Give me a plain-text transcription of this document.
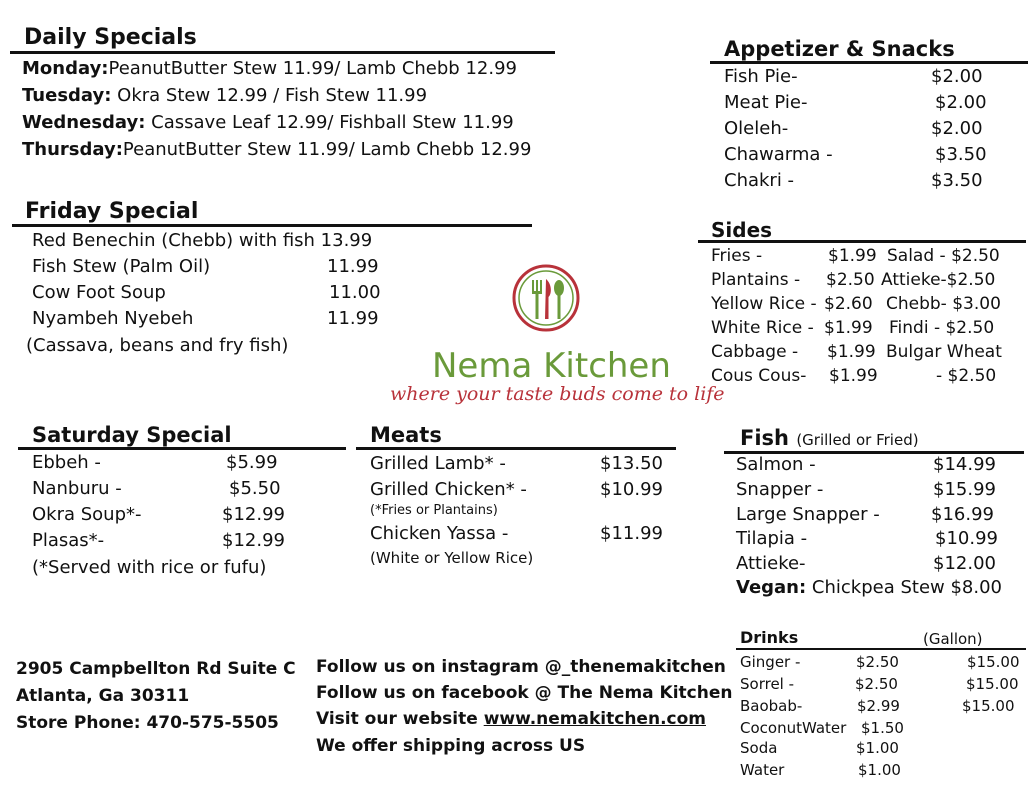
Daily Specials
Monday:PeanutButter Stew 11.99/ Lamb Chebb 12.99
Tuesday: Okra Stew 12.99 / Fish Stew 11.99
Wednesday: Cassave Leaf 12.99/ Fishball Stew 11.99
Thursday:PeanutButter Stew 11.99/ Lamb Chebb 12.99
Friday Special
Red Benechin (Chebb) with fish 13.99
Fish Stew (Palm Oil)	11.99
Cow Foot Soup	11.00
Nyambeh Nyebeh	11.99
(Cassava, beans and fry fish)
Nema Kitchen
where your taste buds come to life
Saturday Special
Ebbeh -	$5.99
Nanburu -	$5.50
Okra Soup*-	$12.99
Plasas*-	$12.99
(*Served with rice or fufu)
Meats
Grilled Lamb* -	$13.50
Grilled Chicken* -	$10.99
(*Fries or Plantains)
Chicken Yassa -	$11.99
(White or Yellow Rice)
Appetizer & Snacks
Fish Pie-	$2.00
Meat Pie-	$2.00
Oleleh-	$2.00
Chawarma -	$3.50
Chakri -	$3.50
Sides
Fries -	$1.99 Salad - $2.50
Plantains - $2.50 Attieke-$2.50
Yellow Rice - $2.60 Chebb- $3.00
White Rice - $1.99 Findi - $2.50
Cabbage - $1.99 Bulgar Wheat
Cous Cous- $1.99	- $2.50
Fish (Grilled or Fried)
Salmon -	$14.99
Snapper -	$15.99
Large Snapper -	$16.99
Tilapia -	$10.99
Attieke-	$12.00
Vegan: Chickpea Stew $8.00
Drinks	(Gallon)
Ginger -	$2.50	$15.00
Sorrel -	$2.50	$15.00
Baobab-	$2.99	$15.00
CoconutWater $1.50
Soda	$1.00
Water	$1.00
2905 Campbellton Rd Suite C
Atlanta, Ga 30311
Store Phone: 470-575-5505
Follow us on instagram @_thenemakitchen
Follow us on facebook @ The Nema Kitchen
Visit our website www.nemakitchen.com
We offer shipping across US
